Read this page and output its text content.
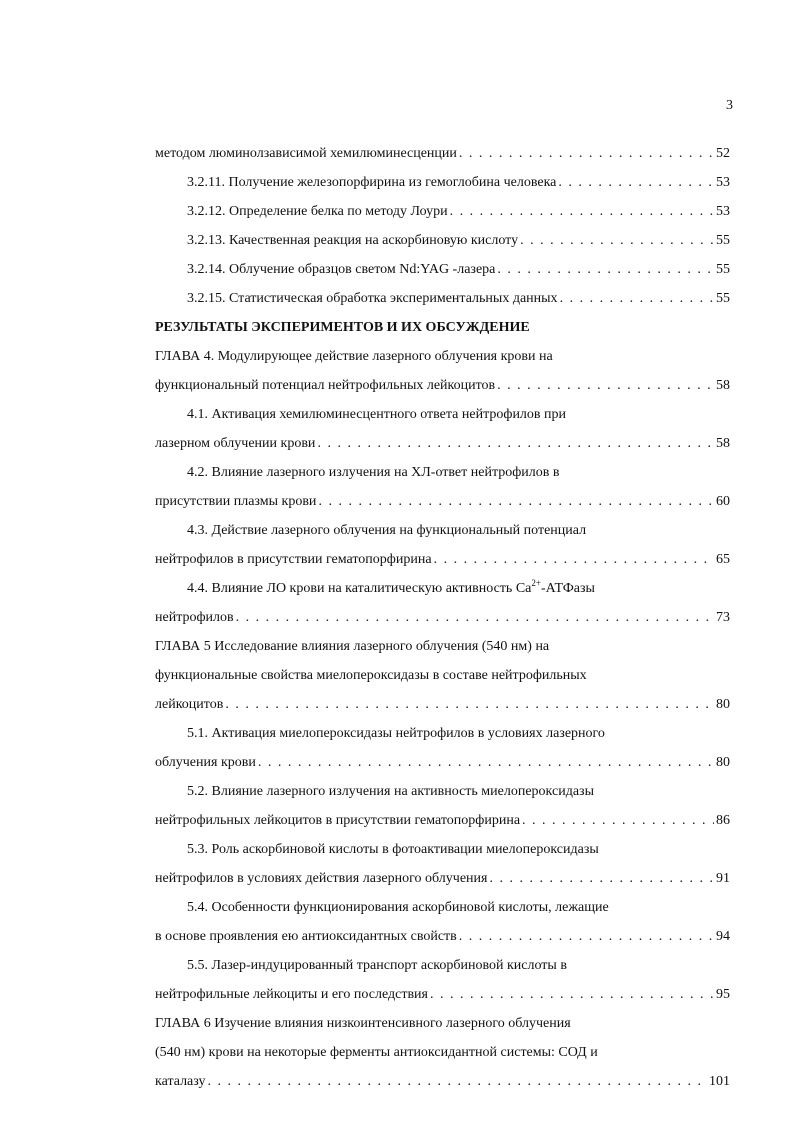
3
методом люминолзависимой хемилюминесценции . . .	52
3.2.11. Получение железопорфирина из гемоглобина человека . . .	53
3.2.12. Определение белка по методу Лоури . . .	53
3.2.13. Качественная реакция на аскорбиновую кислоту . . .	55
3.2.14. Облучение образцов светом Nd:YAG -лазера . . .	55
3.2.15. Статистическая обработка экспериментальных данных . . .	55
РЕЗУЛЬТАТЫ ЭКСПЕРИМЕНТОВ И ИХ ОБСУЖДЕНИЕ
ГЛАВА 4. Модулирующее действие лазерного облучения крови на
функциональный потенциал нейтрофильных лейкоцитов . . .	58
4.1. Активация хемилюминесцентного ответа нейтрофилов при
лазерном облучении крови . . .	58
4.2. Влияние лазерного излучения на ХЛ-ответ нейтрофилов в
присутствии плазмы крови . . .	60
4.3. Действие лазерного облучения на функциональный потенциал
нейтрофилов в присутствии гематопорфирина . . .	65
4.4. Влияние ЛО крови на каталитическую активность $Ca^{2+}$-АТФазы
нейтрофилов . . .	73
ГЛАВА 5 Исследование влияния лазерного облучения (540 нм) на
функциональные свойства миелопероксидазы в составе нейтрофильных
лейкоцитов . . .	80
5.1. Активация миелопероксидазы нейтрофилов в условиях лазерного
облучения крови . . .	80
5.2. Влияние лазерного излучения на активность миелопероксидазы
нейтрофильных лейкоцитов в присутствии гематопорфирина . . .	86
5.3. Роль аскорбиновой кислоты в фотоактивации миелопероксидазы
нейтрофилов в условиях действия лазерного облучения . . .	91
5.4. Особенности функционирования аскорбиновой кислоты, лежащие
в основе проявления ею антиоксидантных свойств . . .	94
5.5. Лазер-индуцированный транспорт аскорбиновой кислоты в
нейтрофильные лейкоциты и его последствия . . .	95
ГЛАВА 6 Изучение влияния низкоинтенсивного лазерного облучения
(540 нм) крови на некоторые ферменты антиоксидантной системы: СОД и
каталазу . . .	101
